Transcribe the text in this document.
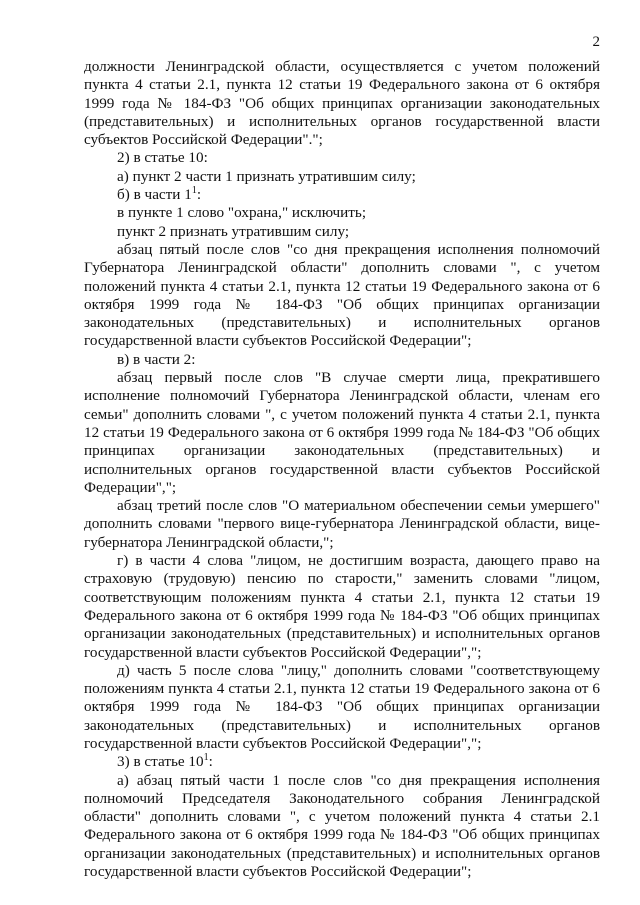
2

должности Ленинградской области, осуществляется с учетом положений пункта 4 статьи 2.1, пункта 12 статьи 19 Федерального закона от 6 октября 1999 года № 184-ФЗ "Об общих принципах организации законодательных (представительных) и исполнительных органов государственной власти субъектов Российской Федерации".";

2) в статье 10:

а) пункт 2 части 1 признать утратившим силу;

б) в части $1^1$:

в пункте 1 слово "охрана," исключить;

пункт 2 признать утратившим силу;

абзац пятый после слов "со дня прекращения исполнения полномочий Губернатора Ленинградской области" дополнить словами ", с учетом положений пункта 4 статьи 2.1, пункта 12 статьи 19 Федерального закона от 6 октября 1999 года № 184-ФЗ "Об общих принципах организации законодательных (представительных) и исполнительных органов государственной власти субъектов Российской Федерации";

в) в части 2:

абзац первый после слов "В случае смерти лица, прекратившего исполнение полномочий Губернатора Ленинградской области, членам его семьи" дополнить словами ", с учетом положений пункта 4 статьи 2.1, пункта 12 статьи 19 Федерального закона от 6 октября 1999 года № 184-ФЗ "Об общих принципах организации законодательных (представительных) и исполнительных органов государственной власти субъектов Российской Федерации",";

абзац третий после слов "О материальном обеспечении семьи умершего" дополнить словами "первого вице-губернатора Ленинградской области, вице-губернатора Ленинградской области,";

г) в части 4 слова "лицом, не достигшим возраста, дающего право на страховую (трудовую) пенсию по старости," заменить словами "лицом, соответствующим положениям пункта 4 статьи 2.1, пункта 12 статьи 19 Федерального закона от 6 октября 1999 года № 184-ФЗ "Об общих принципах организации законодательных (представительных) и исполнительных органов государственной власти субъектов Российской Федерации",";

д) часть 5 после слова "лицу," дополнить словами "соответствующему положениям пункта 4 статьи 2.1, пункта 12 статьи 19 Федерального закона от 6 октября 1999 года № 184-ФЗ "Об общих принципах организации законодательных (представительных) и исполнительных органов государственной власти субъектов Российской Федерации",";

3) в статье $10^1$:

а) абзац пятый части 1 после слов "со дня прекращения исполнения полномочий Председателя Законодательного собрания Ленинградской области" дополнить словами ", с учетом положений пункта 4 статьи 2.1 Федерального закона от 6 октября 1999 года № 184-ФЗ "Об общих принципах организации законодательных (представительных) и исполнительных органов государственной власти субъектов Российской Федерации";
